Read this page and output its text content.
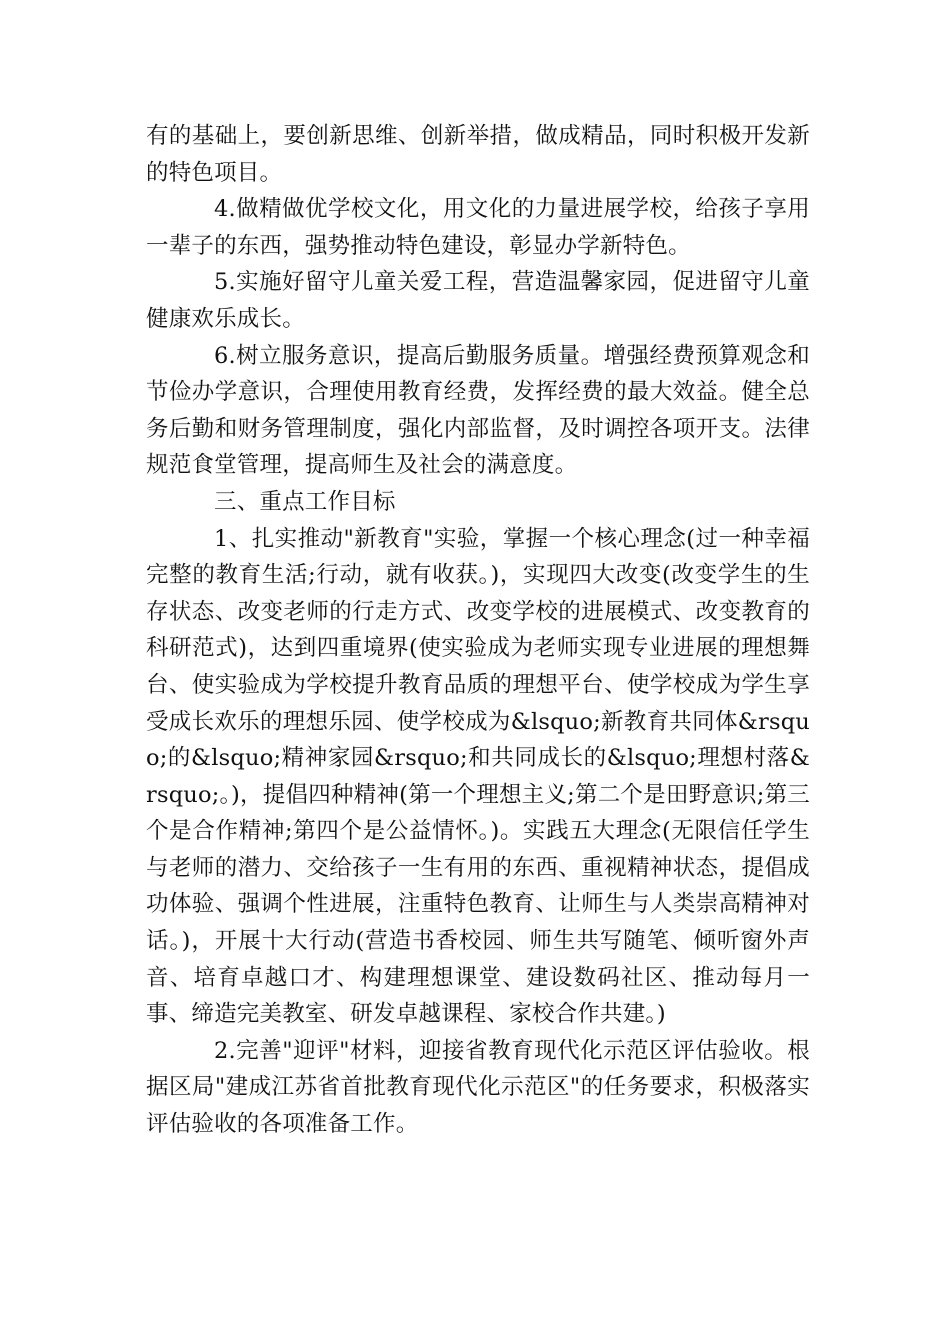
有的基础上，要创新思维、创新举措，做成精品，同时积极开发新的特色项目。

4.做精做优学校文化，用文化的力量进展学校，给孩子享用一辈子的东西，强势推动特色建设，彰显办学新特色。

5.实施好留守儿童关爱工程，营造温馨家园，促进留守儿童健康欢乐成长。

6.树立服务意识，提高后勤服务质量。增强经费预算观念和节俭办学意识，合理使用教育经费，发挥经费的最大效益。健全总务后勤和财务管理制度，强化内部监督，及时调控各项开支。法律规范食堂管理，提高师生及社会的满意度。

三、重点工作目标

1、扎实推动"新教育"实验，掌握一个核心理念(过一种幸福完整的教育生活;行动，就有收获。)，实现四大改变(改变学生的生存状态、改变老师的行走方式、改变学校的进展模式、改变教育的科研范式)，达到四重境界(使实验成为老师实现专业进展的理想舞台、使实验成为学校提升教育品质的理想平台、使学校成为学生享受成长欢乐的理想乐园、使学校成为&lsquo;新教育共同体&rsquo;的&lsquo;精神家园&rsquo;和共同成长的&lsquo;理想村落&rsquo;。)，提倡四种精神(第一个理想主义;第二个是田野意识;第三个是合作精神;第四个是公益情怀。)。实践五大理念(无限信任学生与老师的潜力、交给孩子一生有用的东西、重视精神状态，提倡成功体验、强调个性进展，注重特色教育、让师生与人类崇高精神对话。)，开展十大行动(营造书香校园、师生共写随笔、倾听窗外声音、培育卓越口才、构建理想课堂、建设数码社区、推动每月一事、缔造完美教室、研发卓越课程、家校合作共建。)

2.完善"迎评"材料，迎接省教育现代化示范区评估验收。根据区局"建成江苏省首批教育现代化示范区"的任务要求，积极落实评估验收的各项准备工作。
